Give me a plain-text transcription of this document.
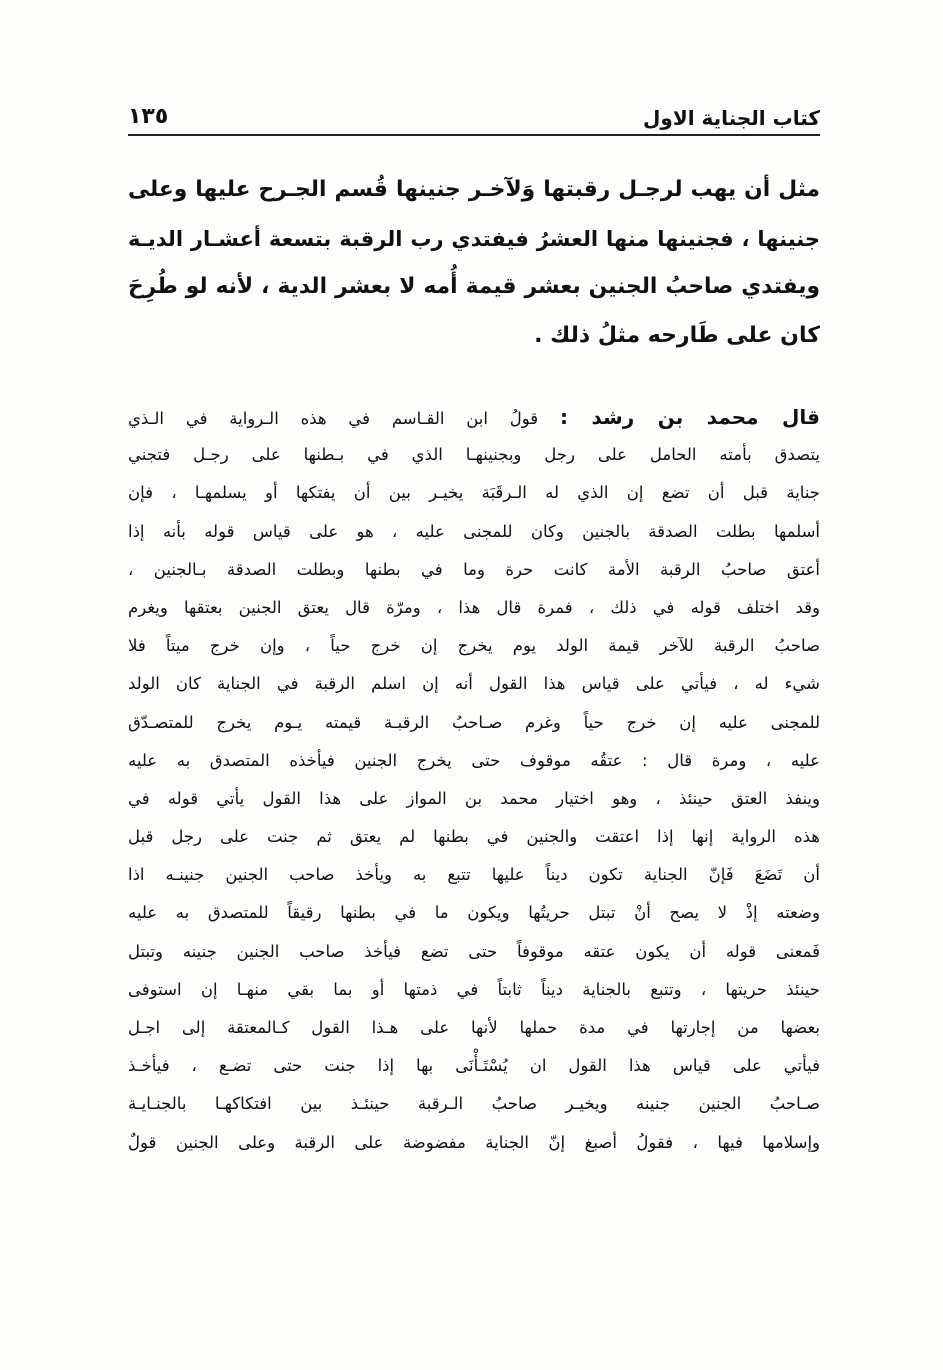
كتاب الجناية الاول
١٣٥
مثل أن يهب لرجـل رقبتها وَلآخـر جنينها قُسم الجـرح عليها وعلى
جنينها ، فجنينها منها العشرُ فيفتدي رب الرقبة بتسعة أعشـار الديـة
ويفتدي صاحبُ الجنين بعشر قيمة أُمه لا بعشر الدية ، لأنه لو طُرِحَ
كان على طَارحه مثلُ ذلك .
قال محمد بن رشد : قولُ ابن القـاسم في هذه الـرواية في الـذي
يتصدق بأمته الحامل على رجل وبجنينهـا الذي في بـطنها على رجـل فتجني
جناية قبل أن تضع إن الذي له الـرقَبَة يخيـر بين أن يفتكها أو يسلمهـا ، فإن
أسلمها بطلت الصدقة بالجنين وكان للمجنى عليه ، هو على قياس قوله بأنه إذا
أعتق صاحبُ الرقبة الأمة كانت حرة وما في بطنها وبطلت الصدقة بـالجنين ،
وقد اختلف قوله في ذلك ، فمرة قال هذا ، ومرّة قال يعتق الجنين بعتقها ويغرم
صاحبُ الرقبة للآخر قيمة الولد يوم يخرج إن خرج حياً ، وإن خرج ميتاً فلا
شيء له ، فيأتي على قياس هذا القول أنه إن اسلم الرقبة في الجناية كان الولد
للمجنى عليه إن خرج حياً وغرم صـاحبُ الرقبـة قيمته يـوم يخرج للمتصـدّق
عليه ، ومرة قال : عتقُه موقوف حتى يخرج الجنين فيأخذه المتصدق به عليه
وينفذ العتق حينئذ ، وهو اختيار محمد بن المواز على هذا القول يأتي قوله في
هذه الرواية إنها إذا اعتقت والجنين في بطنها لم يعتق ثم جنت على رجل قبل
أن تَضَعَ فَإنّ الجناية تكون ديناً عليها تتبع به ويأخذ صاحب الجنين جنينـه اذا
وضعته إذْ لا يصح أنْ تبتل حريتُها ويكون ما في بطنها رقيقاً للمتصدق به عليه
فَمعنى قوله أن يكون عتقه موقوفاً حتى تضع فيأخذ صاحب الجنين جنينه وتبتل
حينئذ حريتها ، وتتبع بالجناية ديناً ثابتاً في ذمتها أو بما بقي منهـا إن استوفى
بعضها من إجارتها في مدة حملها لأنها على هـذا القول كـالمعتقة إلى اجـل
فيأتي على قياس هذا القول ان يُسْتَـأْنَى بها إذا جنت حتى تضـع ، فيأخـذ
صـاحبُ الجنين جنينه ويخيـر صاحبُ الـرقبة حينئـذ بين افتكاكهـا بالجنـايـة
وإسلامها فيها ، فقولُ أصبغ إنّ الجناية مفضوضة على الرقبة وعلى الجنين قولٌ
